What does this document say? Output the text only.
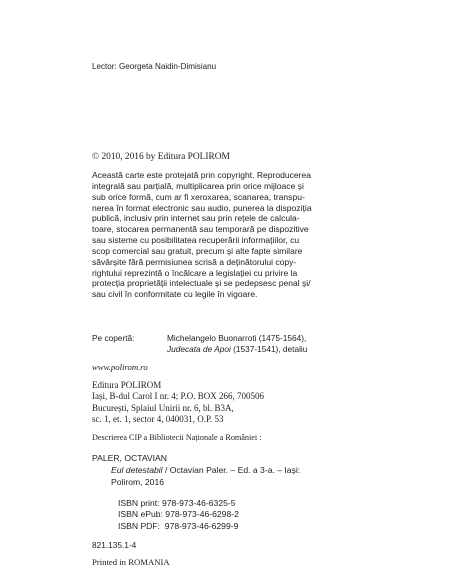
Lector: Georgeta Naidin-Dimisianu
© 2010, 2016 by Editura POLIROM
Această carte este protejată prin copyright. Reproducerea
integrală sau parțială, multiplicarea prin orice mijloace și
sub orice formă, cum ar fi xeroxarea, scanarea, transpu-
nerea în format electronic sau audio, punerea la dispoziția
publică, inclusiv prin internet sau prin rețele de calcula-
toare, stocarea permanentă sau temporară pe dispozitive
sau sisteme cu posibilitatea recuperării informațiilor, cu
scop comercial sau gratuit, precum și alte fapte similare
săvârșite fără permisiunea scrisă a deținătorului copy-
rightului reprezintă o încălcare a legislației cu privire la
protecția proprietății intelectuale și se pedepsesc penal și/
sau civil în conformitate cu legile în vigoare.
Pe copertă:	Michelangelo Buonarroti (1475-1564),
Judecata de Apoi (1537-1541), detaliu
www.polirom.ro
Editura POLIROM
Iași, B-dul Carol I nr. 4; P.O. BOX 266, 700506
București, Splaiul Unirii nr. 6, bl. B3A,
sc. 1, et. 1, sector 4, 040031, O.P. 53
Descrierea CIP a Bibliotecii Naționale a României :
PALER, OCTAVIAN
Eul detestabil / Octavian Paler. – Ed. a 3-a. – Iași:
Polirom, 2016
ISBN print: 978-973-46-6325-5
ISBN ePub: 978-973-46-6298-2
ISBN PDF:  978-973-46-6299-9
821.135.1-4
Printed in ROMANIA
